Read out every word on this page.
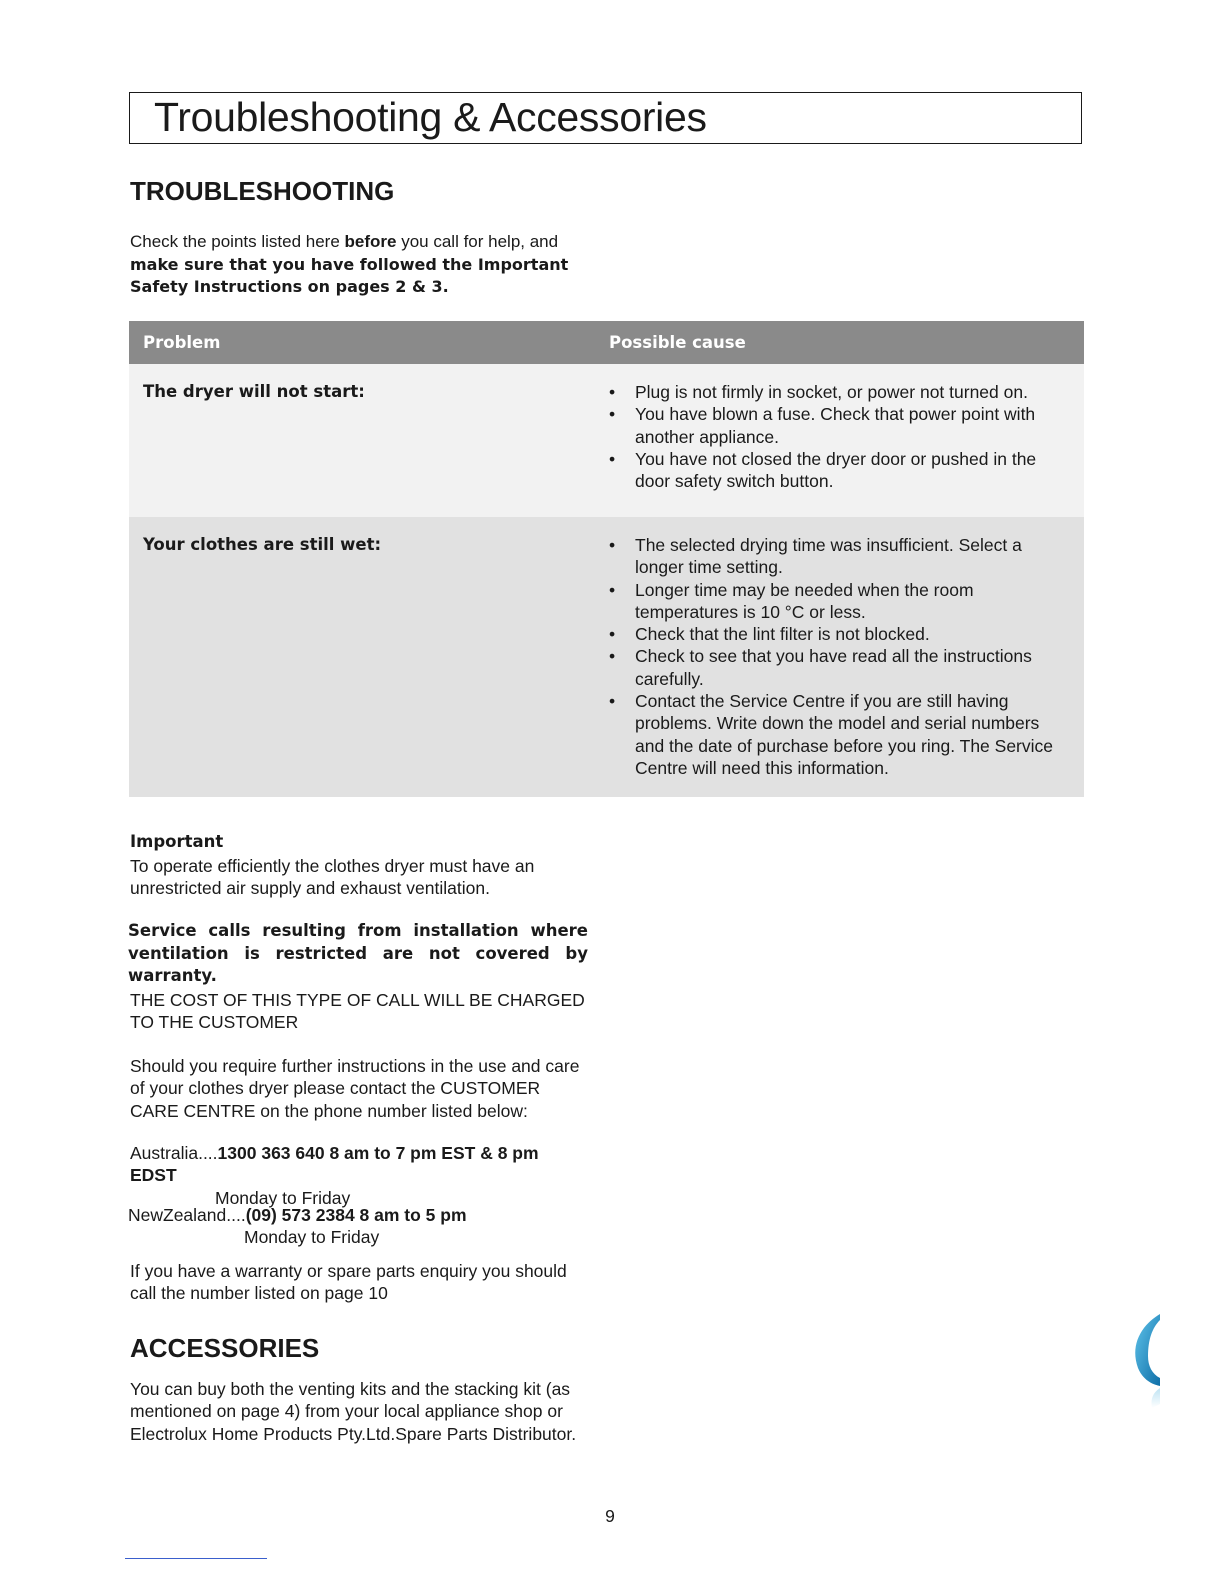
Troubleshooting & Accessories
TROUBLESHOOTING

Check the points listed here before you call for help, and
make sure that you have followed the Important
Safety Instructions on pages 2 & 3.

Problem	Possible cause

The dryer will not start:	• Plug is not firmly in socket, or power not turned on.
• You have blown a fuse. Check that power point with another appliance.
• You have not closed the dryer door or pushed in the door safety switch button.

Your clothes are still wet:	• The selected drying time was insufficient. Select a longer time setting.
• Longer time may be needed when the room temperatures is 10 °C or less.
• Check that the lint filter is not blocked.
• Check to see that you have read all the instructions carefully.
• Contact the Service Centre if you are still having problems. Write down the model and serial numbers and the date of purchase before you ring. The Service Centre will need this information.

Important

To operate efficiently the clothes dryer must have an unrestricted air supply and exhaust ventilation.

Service calls resulting from installation where ventilation is restricted are not covered by warranty.

THE COST OF THIS TYPE OF CALL WILL BE CHARGED TO THE CUSTOMER

Should you require further instructions in the use and care of your clothes dryer please contact the CUSTOMER CARE CENTRE on the phone number listed below:

Australia....1300 363 640 8 am to 7 pm EST & 8 pm EDST
Monday to Friday

NewZealand....(09) 573 2384 8 am to 5 pm
Monday to Friday

If you have a warranty or spare parts enquiry you should call the number listed on page 10

ACCESSORIES

You can buy both the venting kits and the stacking kit (as mentioned on page 4) from your local appliance shop or Electrolux Home Products Pty.Ltd.Spare Parts Distributor.

9
